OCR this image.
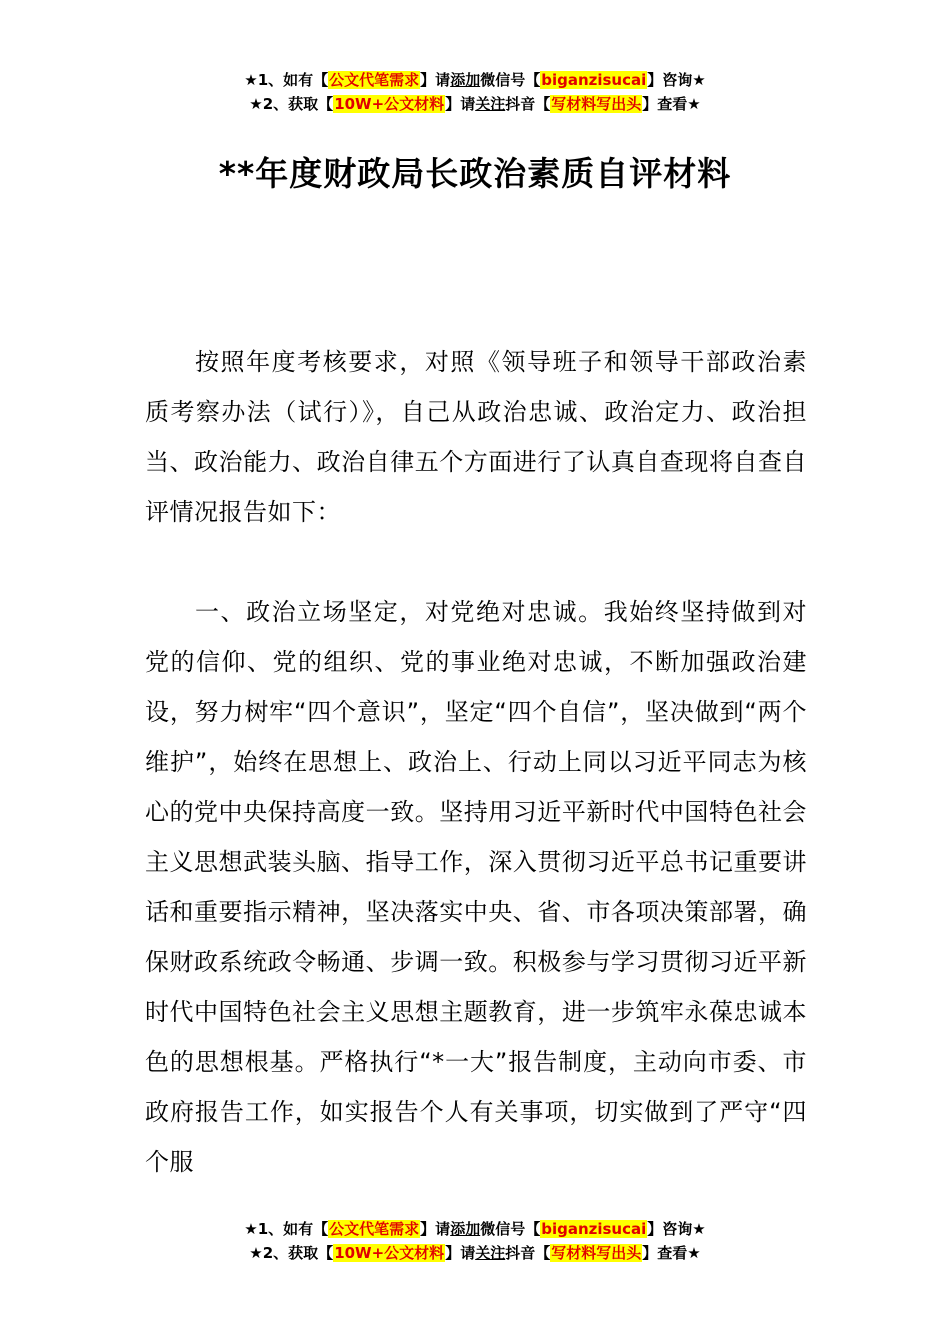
★1、如有【公文代笔需求】请添加微信号【biganzisucai】咨询★
★2、获取【10W+公文材料】请关注抖音【写材料写出头】查看★
**年度财政局长政治素质自评材料

按照年度考核要求，对照《领导班子和领导干部政治素质考察办法（试行）》，自己从政治忠诚、政治定力、政治担当、政治能力、政治自律五个方面进行了认真自查现将自查自评情况报告如下：

一、政治立场坚定，对党绝对忠诚。我始终坚持做到对党的信仰、党的组织、党的事业绝对忠诚，不断加强政治建设，努力树牢“四个意识”，坚定“四个自信”，坚决做到“两个维护”，始终在思想上、政治上、行动上同以习近平同志为核心的党中央保持高度一致。坚持用习近平新时代中国特色社会主义思想武装头脑、指导工作，深入贯彻习近平总书记重要讲话和重要指示精神，坚决落实中央、省、市各项决策部署，确保财政系统政令畅通、步调一致。积极参与学习贯彻习近平新时代中国特色社会主义思想主题教育，进一步筑牢永葆忠诚本色的思想根基。严格执行“*一大”报告制度，主动向市委、市政府报告工作，如实报告个人有关事项，切实做到了严守“四个服

★1、如有【公文代笔需求】请添加微信号【biganzisucai】咨询★
★2、获取【10W+公文材料】请关注抖音【写材料写出头】查看★
